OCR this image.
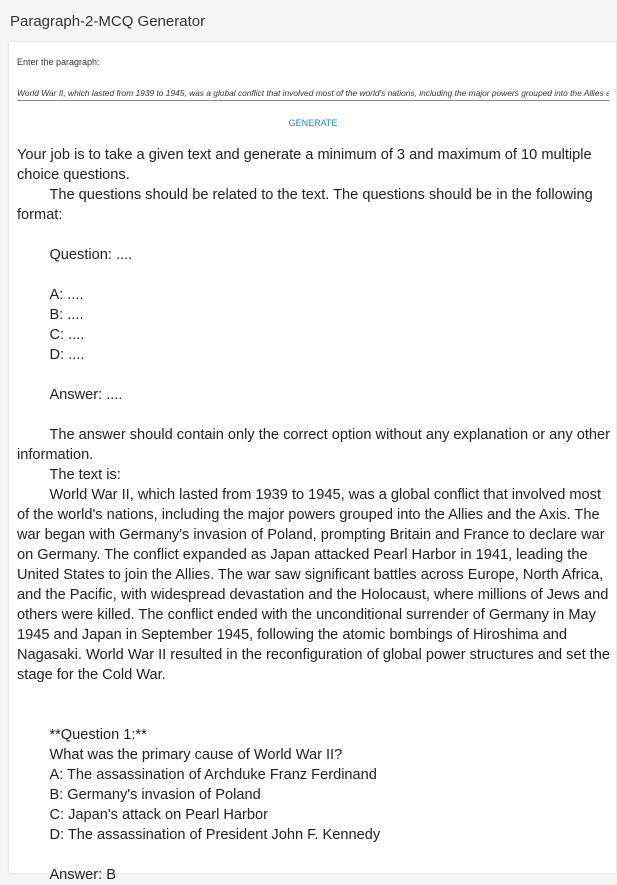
Paragraph-2-MCQ Generator
Enter the paragraph:
World War II, which lasted from 1939 to 1945, was a global conflict that involved most of the world's nations, including the major powers grouped into the Allies and the Axis.
GENERATE
Your job is to take a given text and generate a minimum of 3 and maximum of 10 multiple choice questions.
	The questions should be related to the text. The questions should be in the following format:

	Question: ....

	A: ....
	B: ....
	C: ....
	D: ....

	Answer: ....

	The answer should contain only the correct option without any explanation or any other information.
	The text is:
	World War II, which lasted from 1939 to 1945, was a global conflict that involved most of the world's nations, including the major powers grouped into the Allies and the Axis. The war began with Germany's invasion of Poland, prompting Britain and France to declare war on Germany. The conflict expanded as Japan attacked Pearl Harbor in 1941, leading the United States to join the Allies. The war saw significant battles across Europe, North Africa, and the Pacific, with widespread devastation and the Holocaust, where millions of Jews and others were killed. The conflict ended with the unconditional surrender of Germany in May 1945 and Japan in September 1945, following the atomic bombings of Hiroshima and Nagasaki. World War II resulted in the reconfiguration of global power structures and set the stage for the Cold War.

	**Question 1:**
	What was the primary cause of World War II?
	A: The assassination of Archduke Franz Ferdinand
	B: Germany's invasion of Poland
	C: Japan's attack on Pearl Harbor
	D: The assassination of President John F. Kennedy

	Answer: B
